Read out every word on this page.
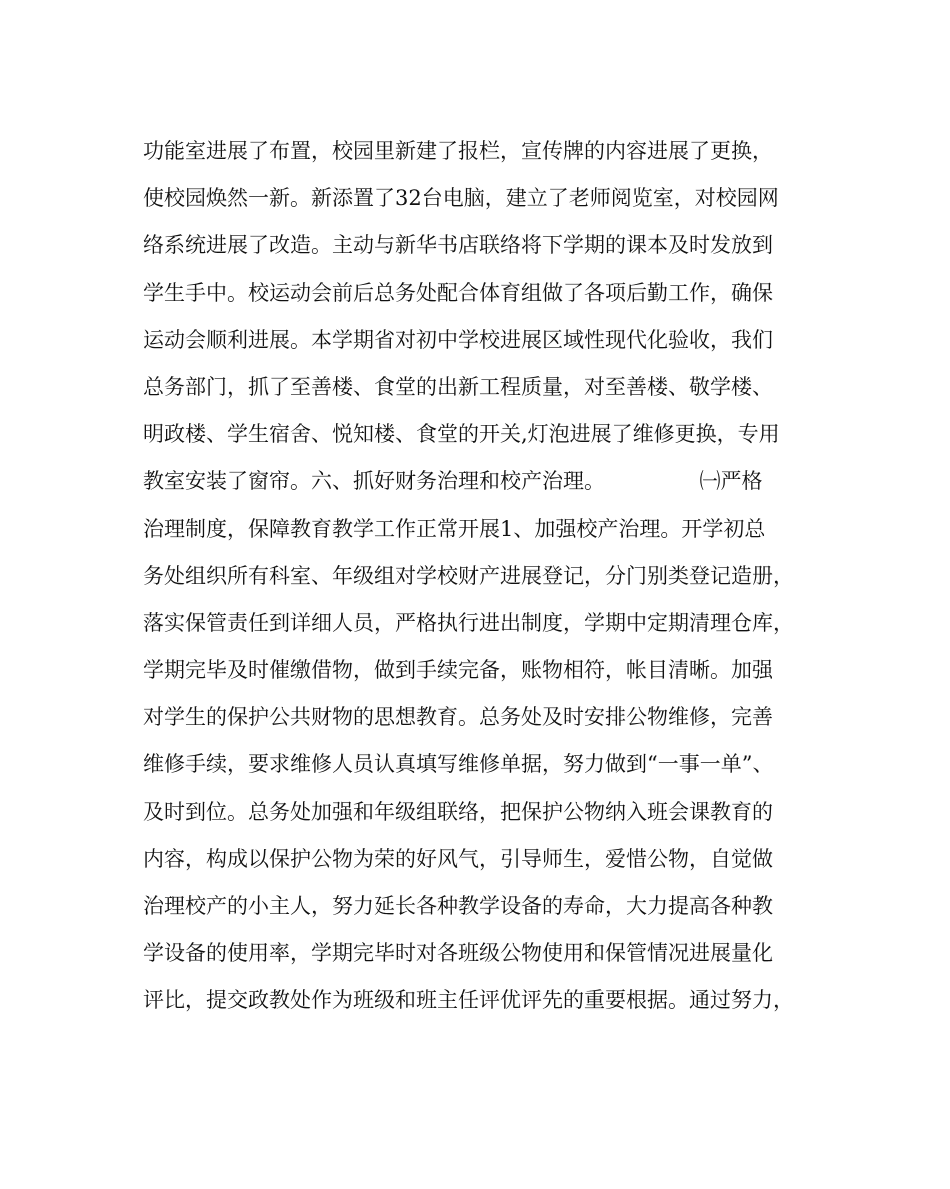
功能室进展了布置，校园里新建了报栏，宣传牌的内容进展了更换，
使校园焕然一新。新添置了32台电脑，建立了老师阅览室，对校园网
络系统进展了改造。主动与新华书店联络将下学期的课本及时发放到
学生手中。校运动会前后总务处配合体育组做了各项后勤工作，确保
运动会顺利进展。本学期省对初中学校进展区域性现代化验收，我们
总务部门，抓了至善楼、食堂的出新工程质量，对至善楼、敬学楼、
明政楼、学生宿舍、悦知楼、食堂的开关,灯泡进展了维修更换，专用
教室安装了窗帘。六、抓好财务治理和校产治理。　　　　　㈠严格
治理制度，保障教育教学工作正常开展1、加强校产治理。开学初总
务处组织所有科室、年级组对学校财产进展登记，分门别类登记造册，
落实保管责任到详细人员，严格执行进出制度，学期中定期清理仓库，
学期完毕及时催缴借物，做到手续完备，账物相符，帐目清晰。加强
对学生的保护公共财物的思想教育。总务处及时安排公物维修，完善
维修手续，要求维修人员认真填写维修单据，努力做到“一事一单”、
及时到位。总务处加强和年级组联络，把保护公物纳入班会课教育的
内容，构成以保护公物为荣的好风气，引导师生，爱惜公物，自觉做
治理校产的小主人，努力延长各种教学设备的寿命，大力提高各种教
学设备的使用率，学期完毕时对各班级公物使用和保管情况进展量化
评比，提交政教处作为班级和班主任评优评先的重要根据。通过努力，
